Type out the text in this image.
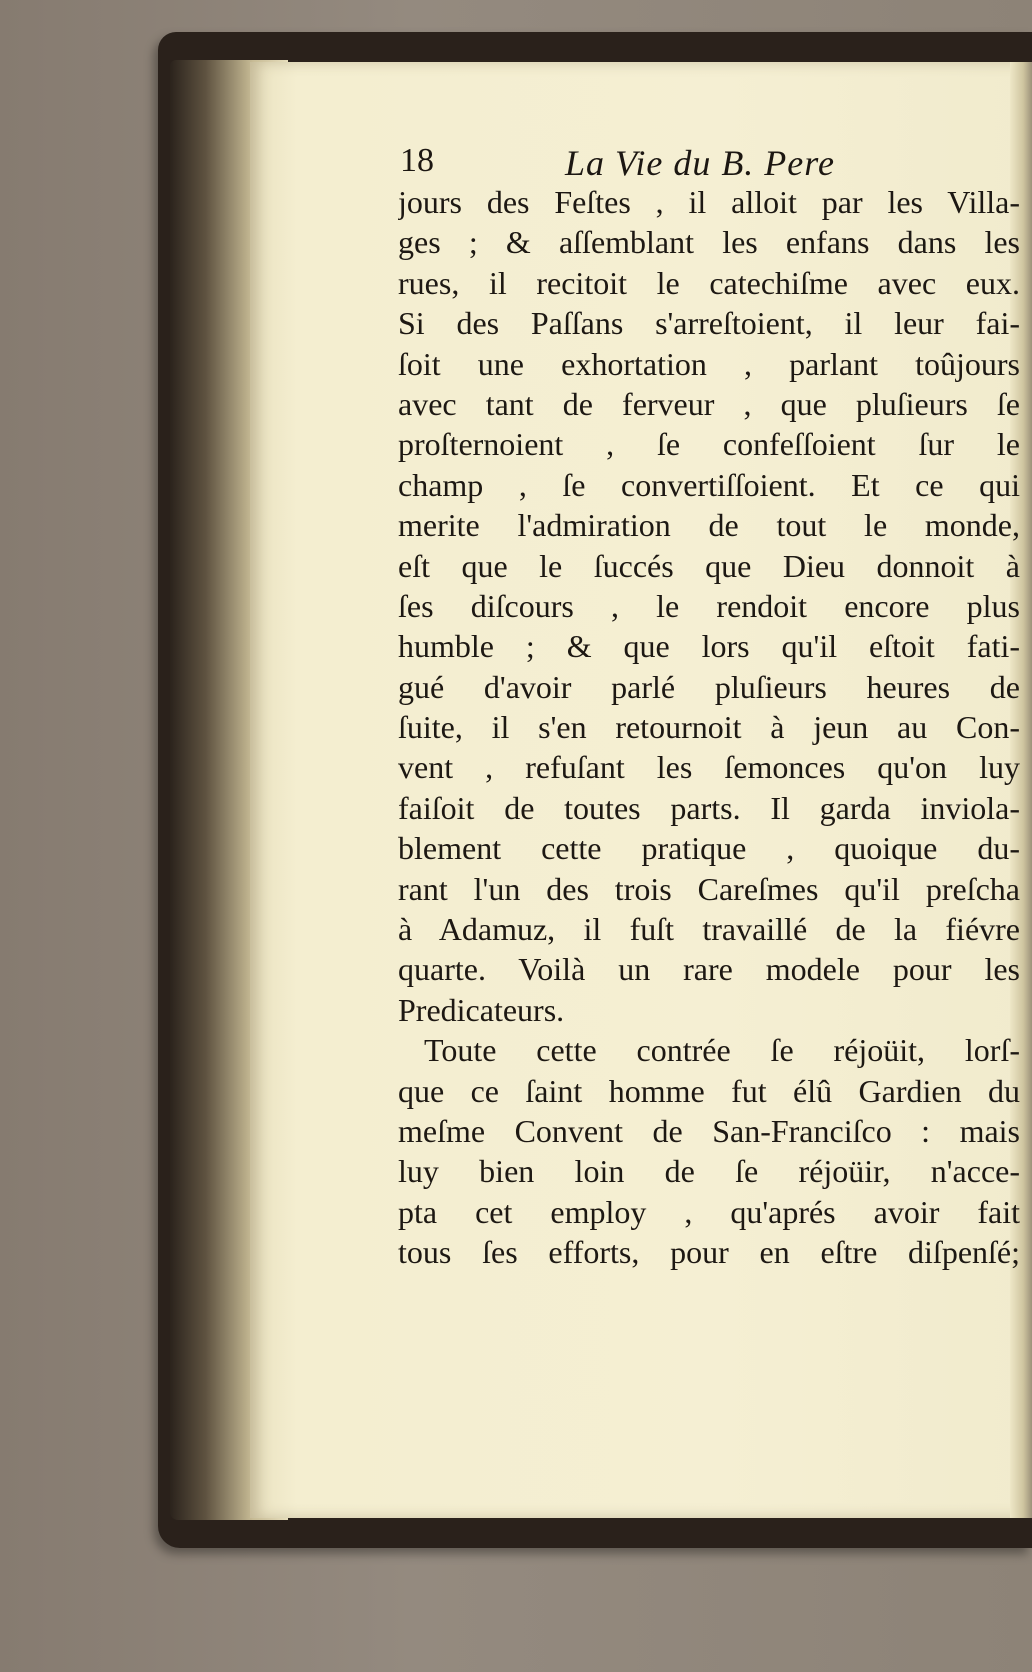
18	La Vie du B. Pere
jours des Feſtes , il alloit par les Villa-
ges ; & aſſemblant les enfans dans les
rues, il recitoit le catechiſme avec eux.
Si des Paſſans s'arreſtoient, il leur fai-
ſoit une exhortation , parlant toûjours
avec tant de ferveur , que pluſieurs ſe
proſternoient , ſe confeſſoient ſur le
champ , ſe convertiſſoient. Et ce qui
merite l'admiration de tout le monde,
eſt que le ſuccés que Dieu donnoit à
ſes diſcours , le rendoit encore plus
humble ; & que lors qu'il eſtoit fati-
gué d'avoir parlé pluſieurs heures de
ſuite, il s'en retournoit à jeun au Con-
vent , refuſant les ſemonces qu'on luy
faiſoit de toutes parts. Il garda inviola-
blement cette pratique , quoique du-
rant l'un des trois Careſmes qu'il preſcha
à Adamuz, il fuſt travaillé de la fiévre
quarte. Voilà un rare modele pour les
Predicateurs.
Toute cette contrée ſe réjoüit, lorſ-
que ce ſaint homme fut élû Gardien du
meſme Convent de San-Franciſco : mais
luy bien loin de ſe réjoüir, n'acce-
pta cet employ , qu'aprés avoir fait
tous ſes efforts, pour en eſtre diſpenſé;
